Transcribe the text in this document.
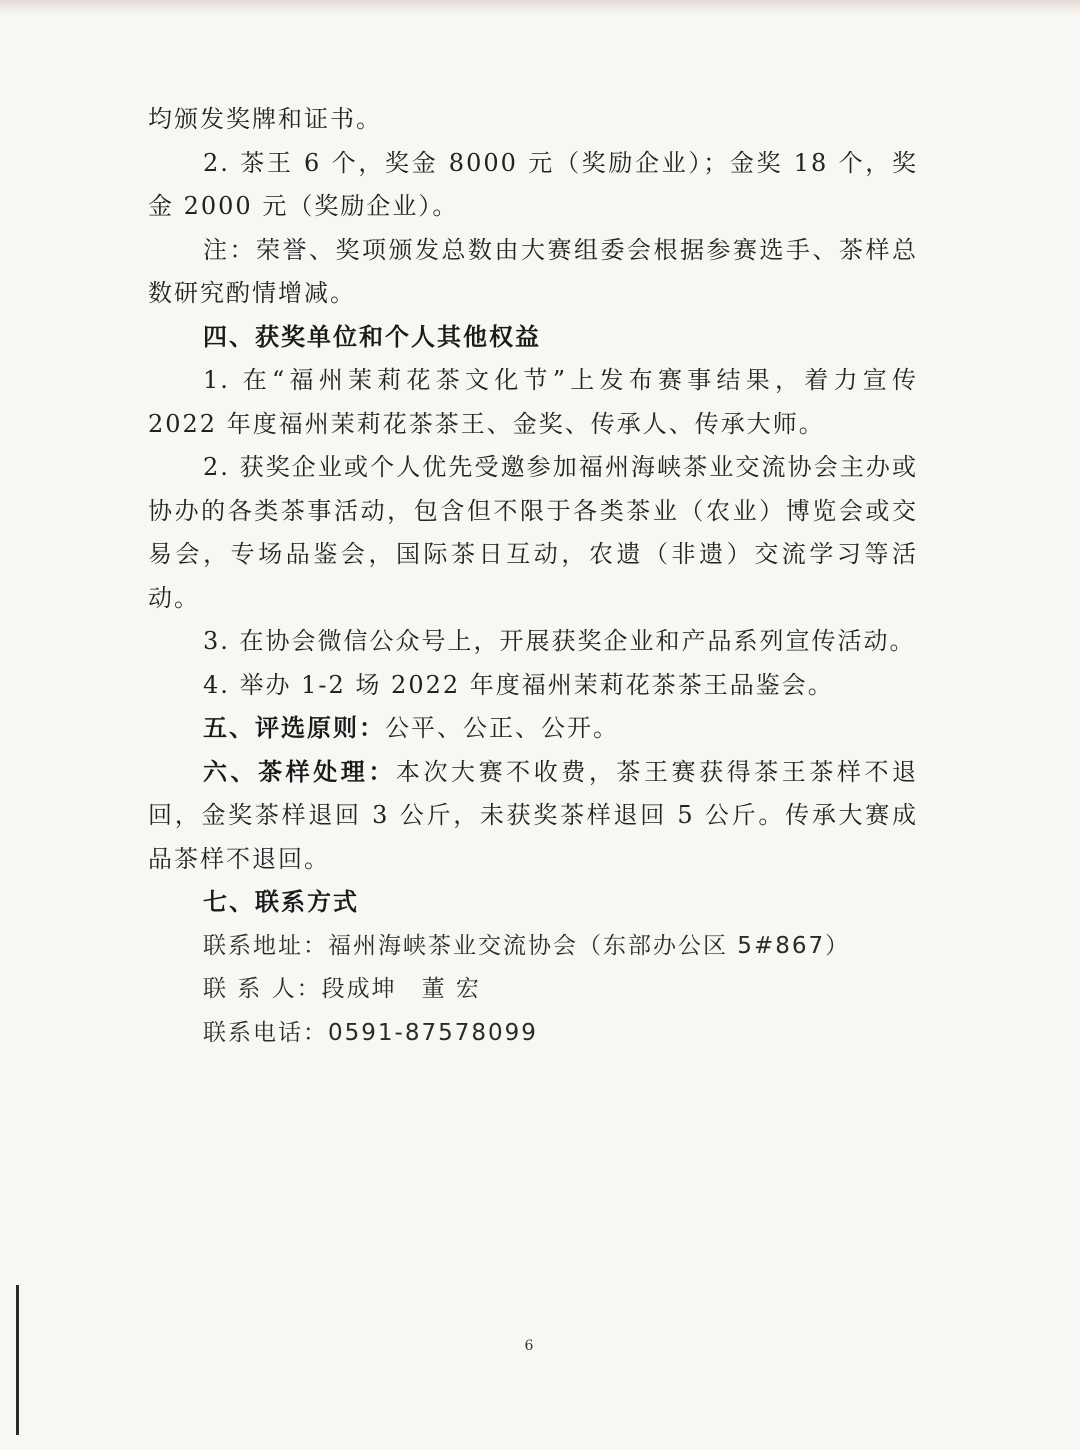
均颁发奖牌和证书。

2. 茶王 6 个，奖金 8000 元（奖励企业）；金奖 18 个，奖金 2000 元（奖励企业）。

注：荣誉、奖项颁发总数由大赛组委会根据参赛选手、茶样总数研究酌情增减。

四、获奖单位和个人其他权益

1. 在“福州茉莉花茶文化节”上发布赛事结果，着力宣传 2022 年度福州茉莉花茶茶王、金奖、传承人、传承大师。

2. 获奖企业或个人优先受邀参加福州海峡茶业交流协会主办或协办的各类茶事活动，包含但不限于各类茶业（农业）博览会或交易会，专场品鉴会，国际茶日互动，农遗（非遗）交流学习等活动。

3. 在协会微信公众号上，开展获奖企业和产品系列宣传活动。

4. 举办 1-2 场 2022 年度福州茉莉花茶茶王品鉴会。

五、评选原则：公平、公正、公开。

六、茶样处理：本次大赛不收费，茶王赛获得茶王茶样不退回，金奖茶样退回 3 公斤，未获奖茶样退回 5 公斤。传承大赛成品茶样不退回。

七、联系方式

联系地址：福州海峡茶业交流协会（东部办公区 5#867）

联 系 人：段成坤　董 宏

联系电话：0591-87578099

6
